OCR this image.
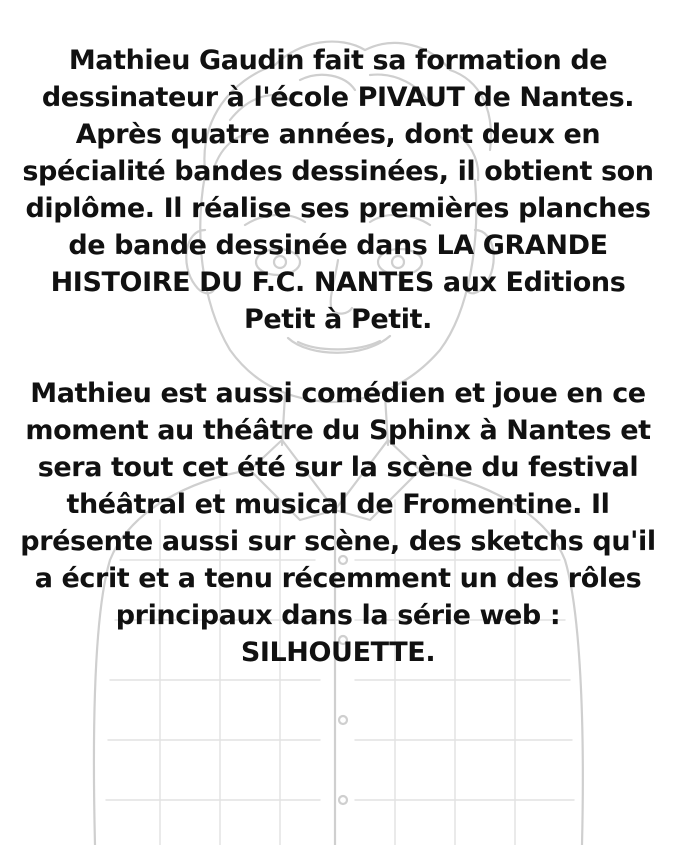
Mathieu Gaudin fait sa formation de dessinateur à l'école PIVAUT de Nantes. Après quatre années, dont deux en spécialité bandes dessinées, il obtient son diplôme. Il réalise ses premières planches de bande dessinée dans LA GRANDE HISTOIRE DU F.C. NANTES aux Editions Petit à Petit.

Mathieu est aussi comédien et joue en ce moment au théâtre du Sphinx à Nantes et sera tout cet été sur la scène du festival théâtral et musical de Fromentine. Il présente aussi sur scène, des sketchs qu'il a écrit et a tenu récemment un des rôles principaux dans la série web : SILHOUETTE.
